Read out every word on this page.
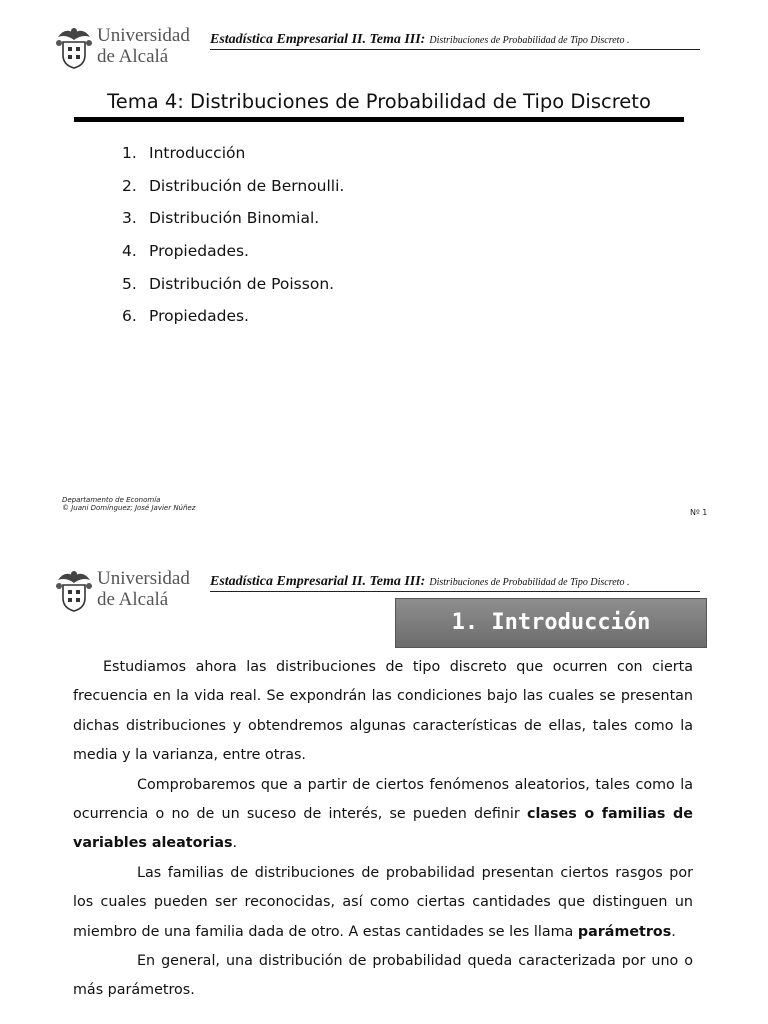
Universidad
de Alcalá
Estadística Empresarial II. Tema III: Distribuciones de Probabilidad de Tipo Discreto .
Tema 4: Distribuciones de Probabilidad de Tipo Discreto
1. Introducción
2. Distribución de Bernoulli.
3. Distribución Binomial.
4. Propiedades.
5. Distribución de Poisson.
6. Propiedades.
Departamento de Economía
© Juani Domínguez; José Javier Núñez	Nº 1
Universidad
de Alcalá
Estadística Empresarial II. Tema III: Distribuciones de Probabilidad de Tipo Discreto .
1. Introducción

Estudiamos ahora las distribuciones de tipo discreto que ocurren con cierta frecuencia en la vida real. Se expondrán las condiciones bajo las cuales se presentan dichas distribuciones y obtendremos algunas características de ellas, tales como la media y la varianza, entre otras.

Comprobaremos que a partir de ciertos fenómenos aleatorios, tales como la ocurrencia o no de un suceso de interés, se pueden definir clases o familias de variables aleatorias.

Las familias de distribuciones de probabilidad presentan ciertos rasgos por los cuales pueden ser reconocidas, así como ciertas cantidades que distinguen un miembro de una familia dada de otro. A estas cantidades se les llama parámetros.

En general, una distribución de probabilidad queda caracterizada por uno o más parámetros.
